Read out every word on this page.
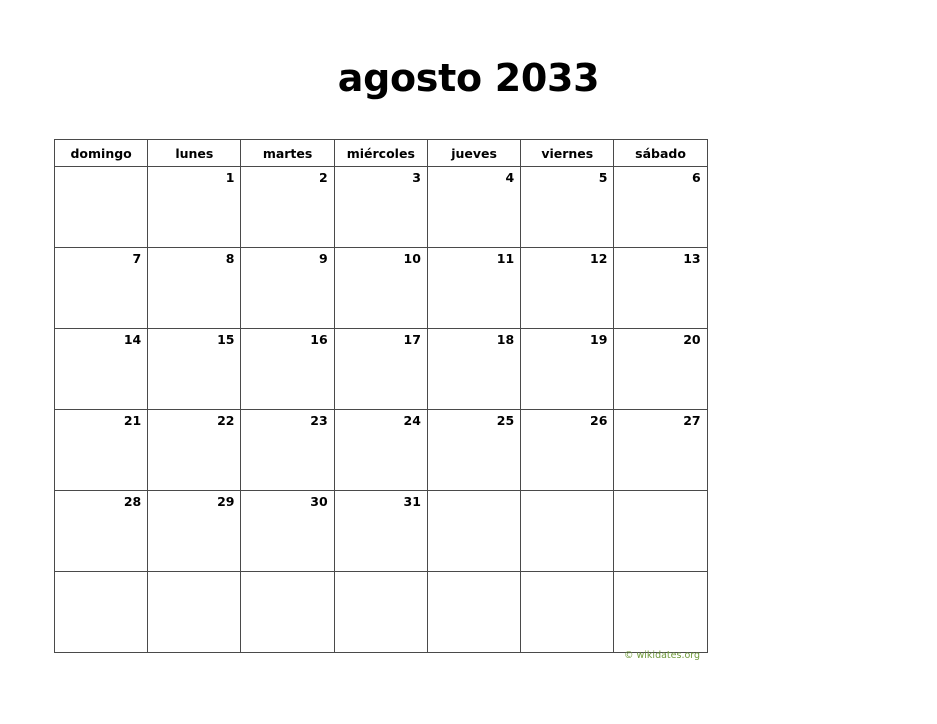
agosto 2033
domingo	lunes	martes	miércoles	jueves	viernes	sábado	

	1	2	3	4	5	6	

7	8	9	10	11	12	13	

14	15	16	17	18	19	20	

21	22	23	24	25	26	27	

28	29	30	31				

© wikidates.org
